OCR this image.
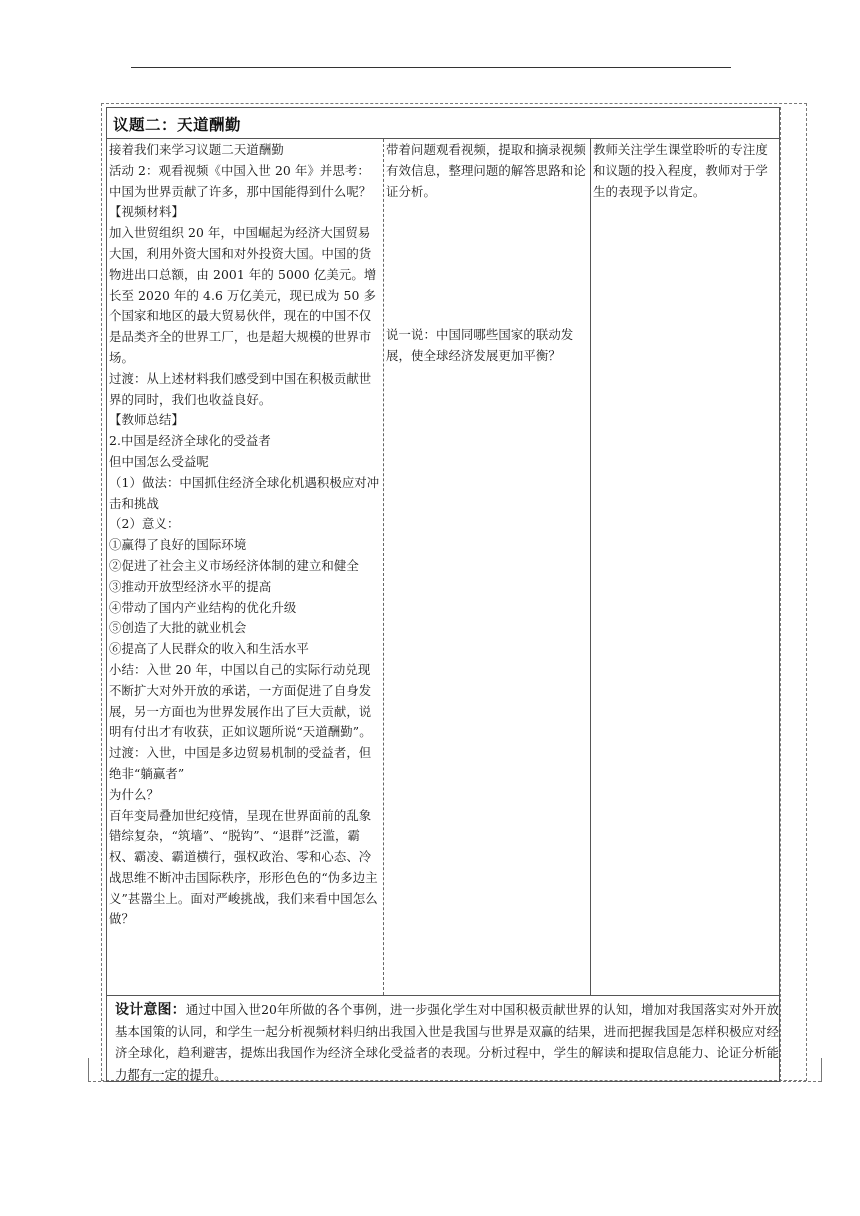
议题二：天道酬勤

接着我们来学习议题二天道酬勤
活动 2：观看视频《中国入世 20 年》并思考：中国为世界贡献了许多，那中国能得到什么呢？
【视频材料】
加入世贸组织 20 年，中国崛起为经济大国贸易大国，利用外资大国和对外投资大国。中国的货物进出口总额，由 2001 年的 5000 亿美元。增长至 2020 年的 4.6 万亿美元，现已成为 50 多个国家和地区的最大贸易伙伴，现在的中国不仅是品类齐全的世界工厂，也是超大规模的世界市场。
过渡：从上述材料我们感受到中国在积极贡献世界的同时，我们也收益良好。
【教师总结】
2.中国是经济全球化的受益者
但中国怎么受益呢
（1）做法：中国抓住经济全球化机遇积极应对冲击和挑战
（2）意义：
①赢得了良好的国际环境
②促进了社会主义市场经济体制的建立和健全
③推动开放型经济水平的提高
④带动了国内产业结构的优化升级
⑤创造了大批的就业机会
⑥提高了人民群众的收入和生活水平
小结：入世 20 年，中国以自己的实际行动兑现不断扩大对外开放的承诺，一方面促进了自身发展，另一方面也为世界发展作出了巨大贡献，说明有付出才有收获，正如议题所说“天道酬勤”。
过渡：入世，中国是多边贸易机制的受益者，但绝非“躺赢者”
为什么？
百年变局叠加世纪疫情，呈现在世界面前的乱象错综复杂，“筑墙”、“脱钩”、“退群”泛滥，霸权、霸凌、霸道横行，强权政治、零和心态、冷战思维不断冲击国际秩序，形形色色的“伪多边主义”甚嚣尘上。面对严峻挑战，我们来看中国怎么做？

带着问题观看视频，提取和摘录视频有效信息，整理问题的解答思路和论证分析。

说一说：中国同哪些国家的联动发展，使全球经济发展更加平衡？

教师关注学生课堂聆听的专注度和议题的投入程度，教师对于学生的表现予以肯定。

设计意图：通过中国入世20年所做的各个事例，进一步强化学生对中国积极贡献世界的认知，增加对我国落实对外开放基本国策的认同，和学生一起分析视频材料归纳出我国入世是我国与世界是双赢的结果，进而把握我国是怎样积极应对经济全球化，趋利避害，提炼出我国作为经济全球化受益者的表现。分析过程中，学生的解读和提取信息能力、论证分析能力都有一定的提升。
